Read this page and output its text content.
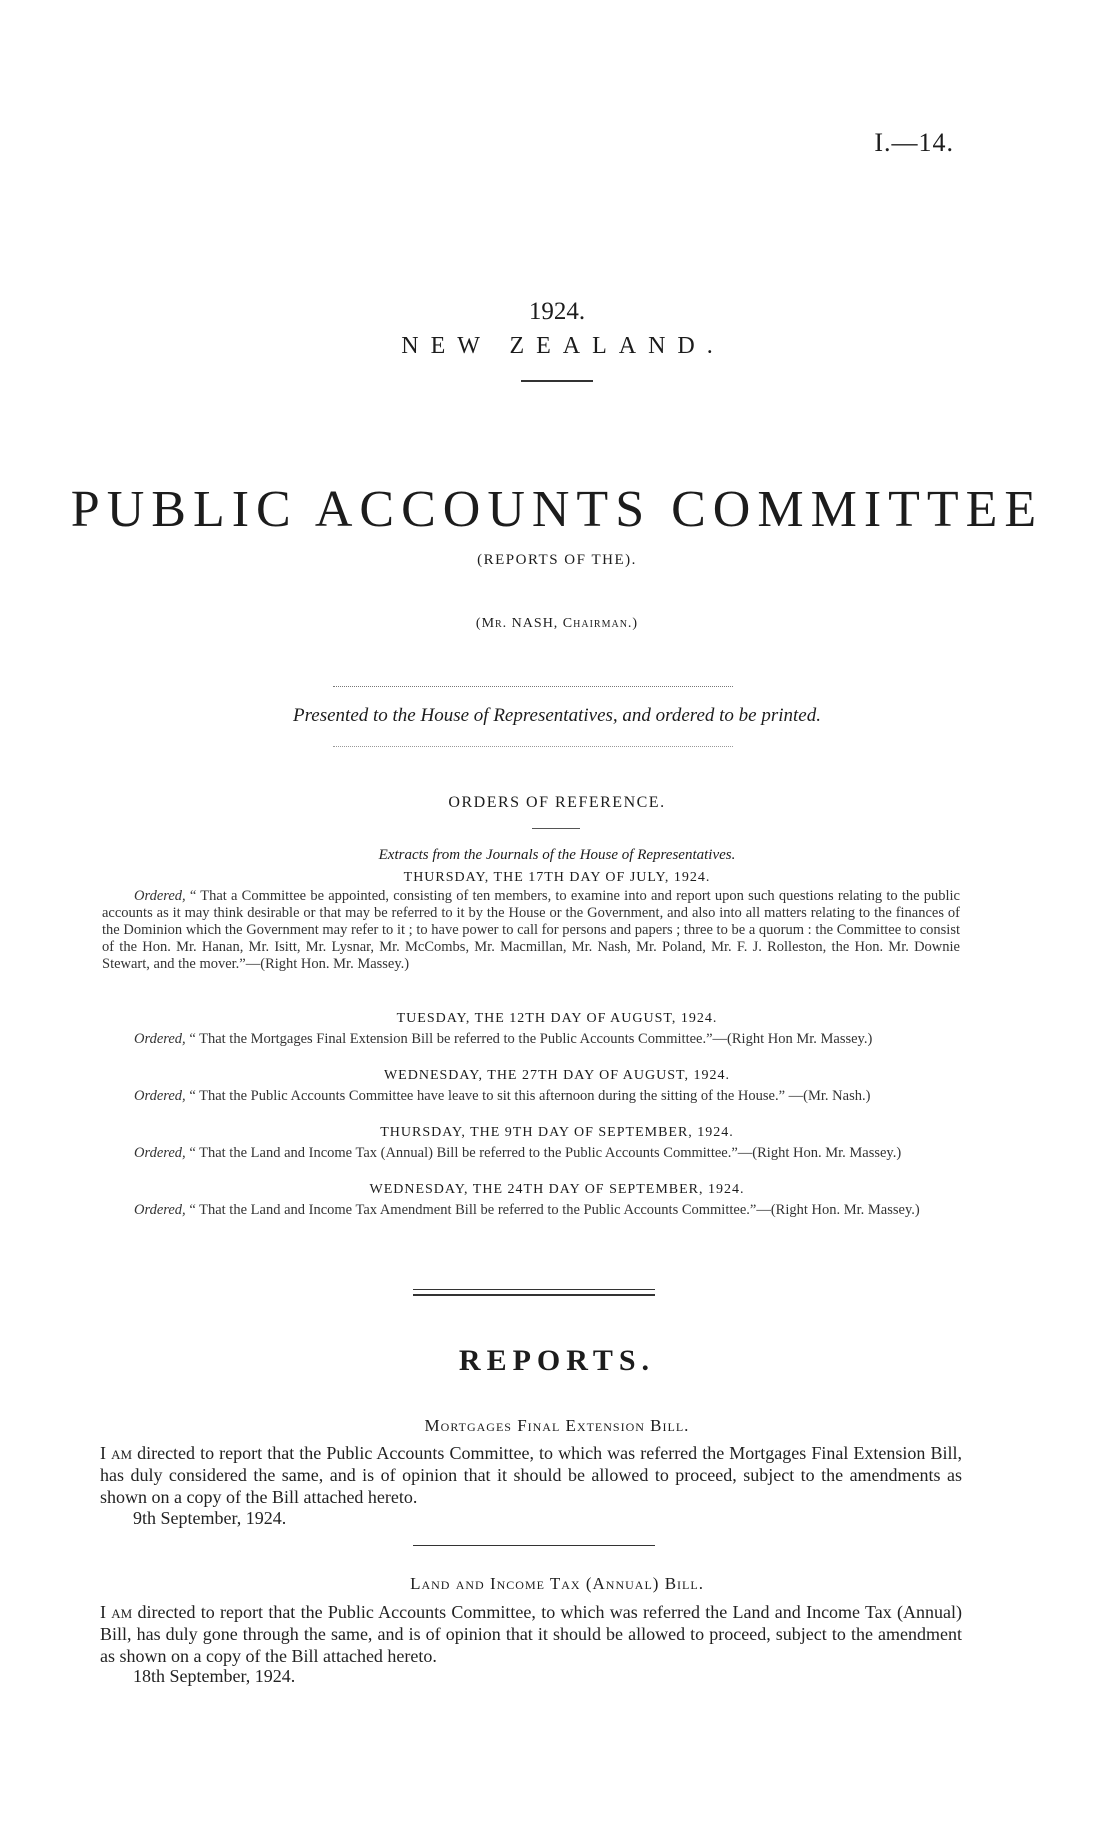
I.—14.
1924.
NEW ZEALAND.
PUBLIC ACCOUNTS COMMITTEE
(REPORTS OF THE).
(Mr. NASH, Chairman.)
Presented to the House of Representatives, and ordered to be printed.
ORDERS OF REFERENCE.
Extracts from the Journals of the House of Representatives.
THURSDAY, THE 17TH DAY OF JULY, 1924.
Ordered, “ That a Committee be appointed, consisting of ten members, to examine into and report upon such questions relating to the public accounts as it may think desirable or that may be referred to it by the House or the Government, and also into all matters relating to the finances of the Dominion which the Government may refer to it ; to have power to call for persons and papers ; three to be a quorum : the Committee to consist of the Hon. Mr. Hanan, Mr. Isitt, Mr. Lysnar, Mr. McCombs, Mr. Macmillan, Mr. Nash, Mr. Poland, Mr. F. J. Rolleston, the Hon. Mr. Downie Stewart, and the mover.”—(Right Hon. Mr. Massey.)
TUESDAY, THE 12TH DAY OF AUGUST, 1924.
Ordered, “ That the Mortgages Final Extension Bill be referred to the Public Accounts Committee.”—(Right Hon Mr. Massey.)
WEDNESDAY, THE 27TH DAY OF AUGUST, 1924.
Ordered, “ That the Public Accounts Committee have leave to sit this afternoon during the sitting of the House.” —(Mr. Nash.)
THURSDAY, THE 9TH DAY OF SEPTEMBER, 1924.
Ordered, “ That the Land and Income Tax (Annual) Bill be referred to the Public Accounts Committee.”—(Right Hon. Mr. Massey.)
WEDNESDAY, THE 24TH DAY OF SEPTEMBER, 1924.
Ordered, “ That the Land and Income Tax Amendment Bill be referred to the Public Accounts Committee.”—(Right Hon. Mr. Massey.)
REPORTS.
Mortgages Final Extension Bill.
I am directed to report that the Public Accounts Committee, to which was referred the Mortgages Final Extension Bill, has duly considered the same, and is of opinion that it should be allowed to proceed, subject to the amendments as shown on a copy of the Bill attached hereto.
9th September, 1924.
Land and Income Tax (Annual) Bill.
I am directed to report that the Public Accounts Committee, to which was referred the Land and Income Tax (Annual) Bill, has duly gone through the same, and is of opinion that it should be allowed to proceed, subject to the amendment as shown on a copy of the Bill attached hereto.
18th September, 1924.
